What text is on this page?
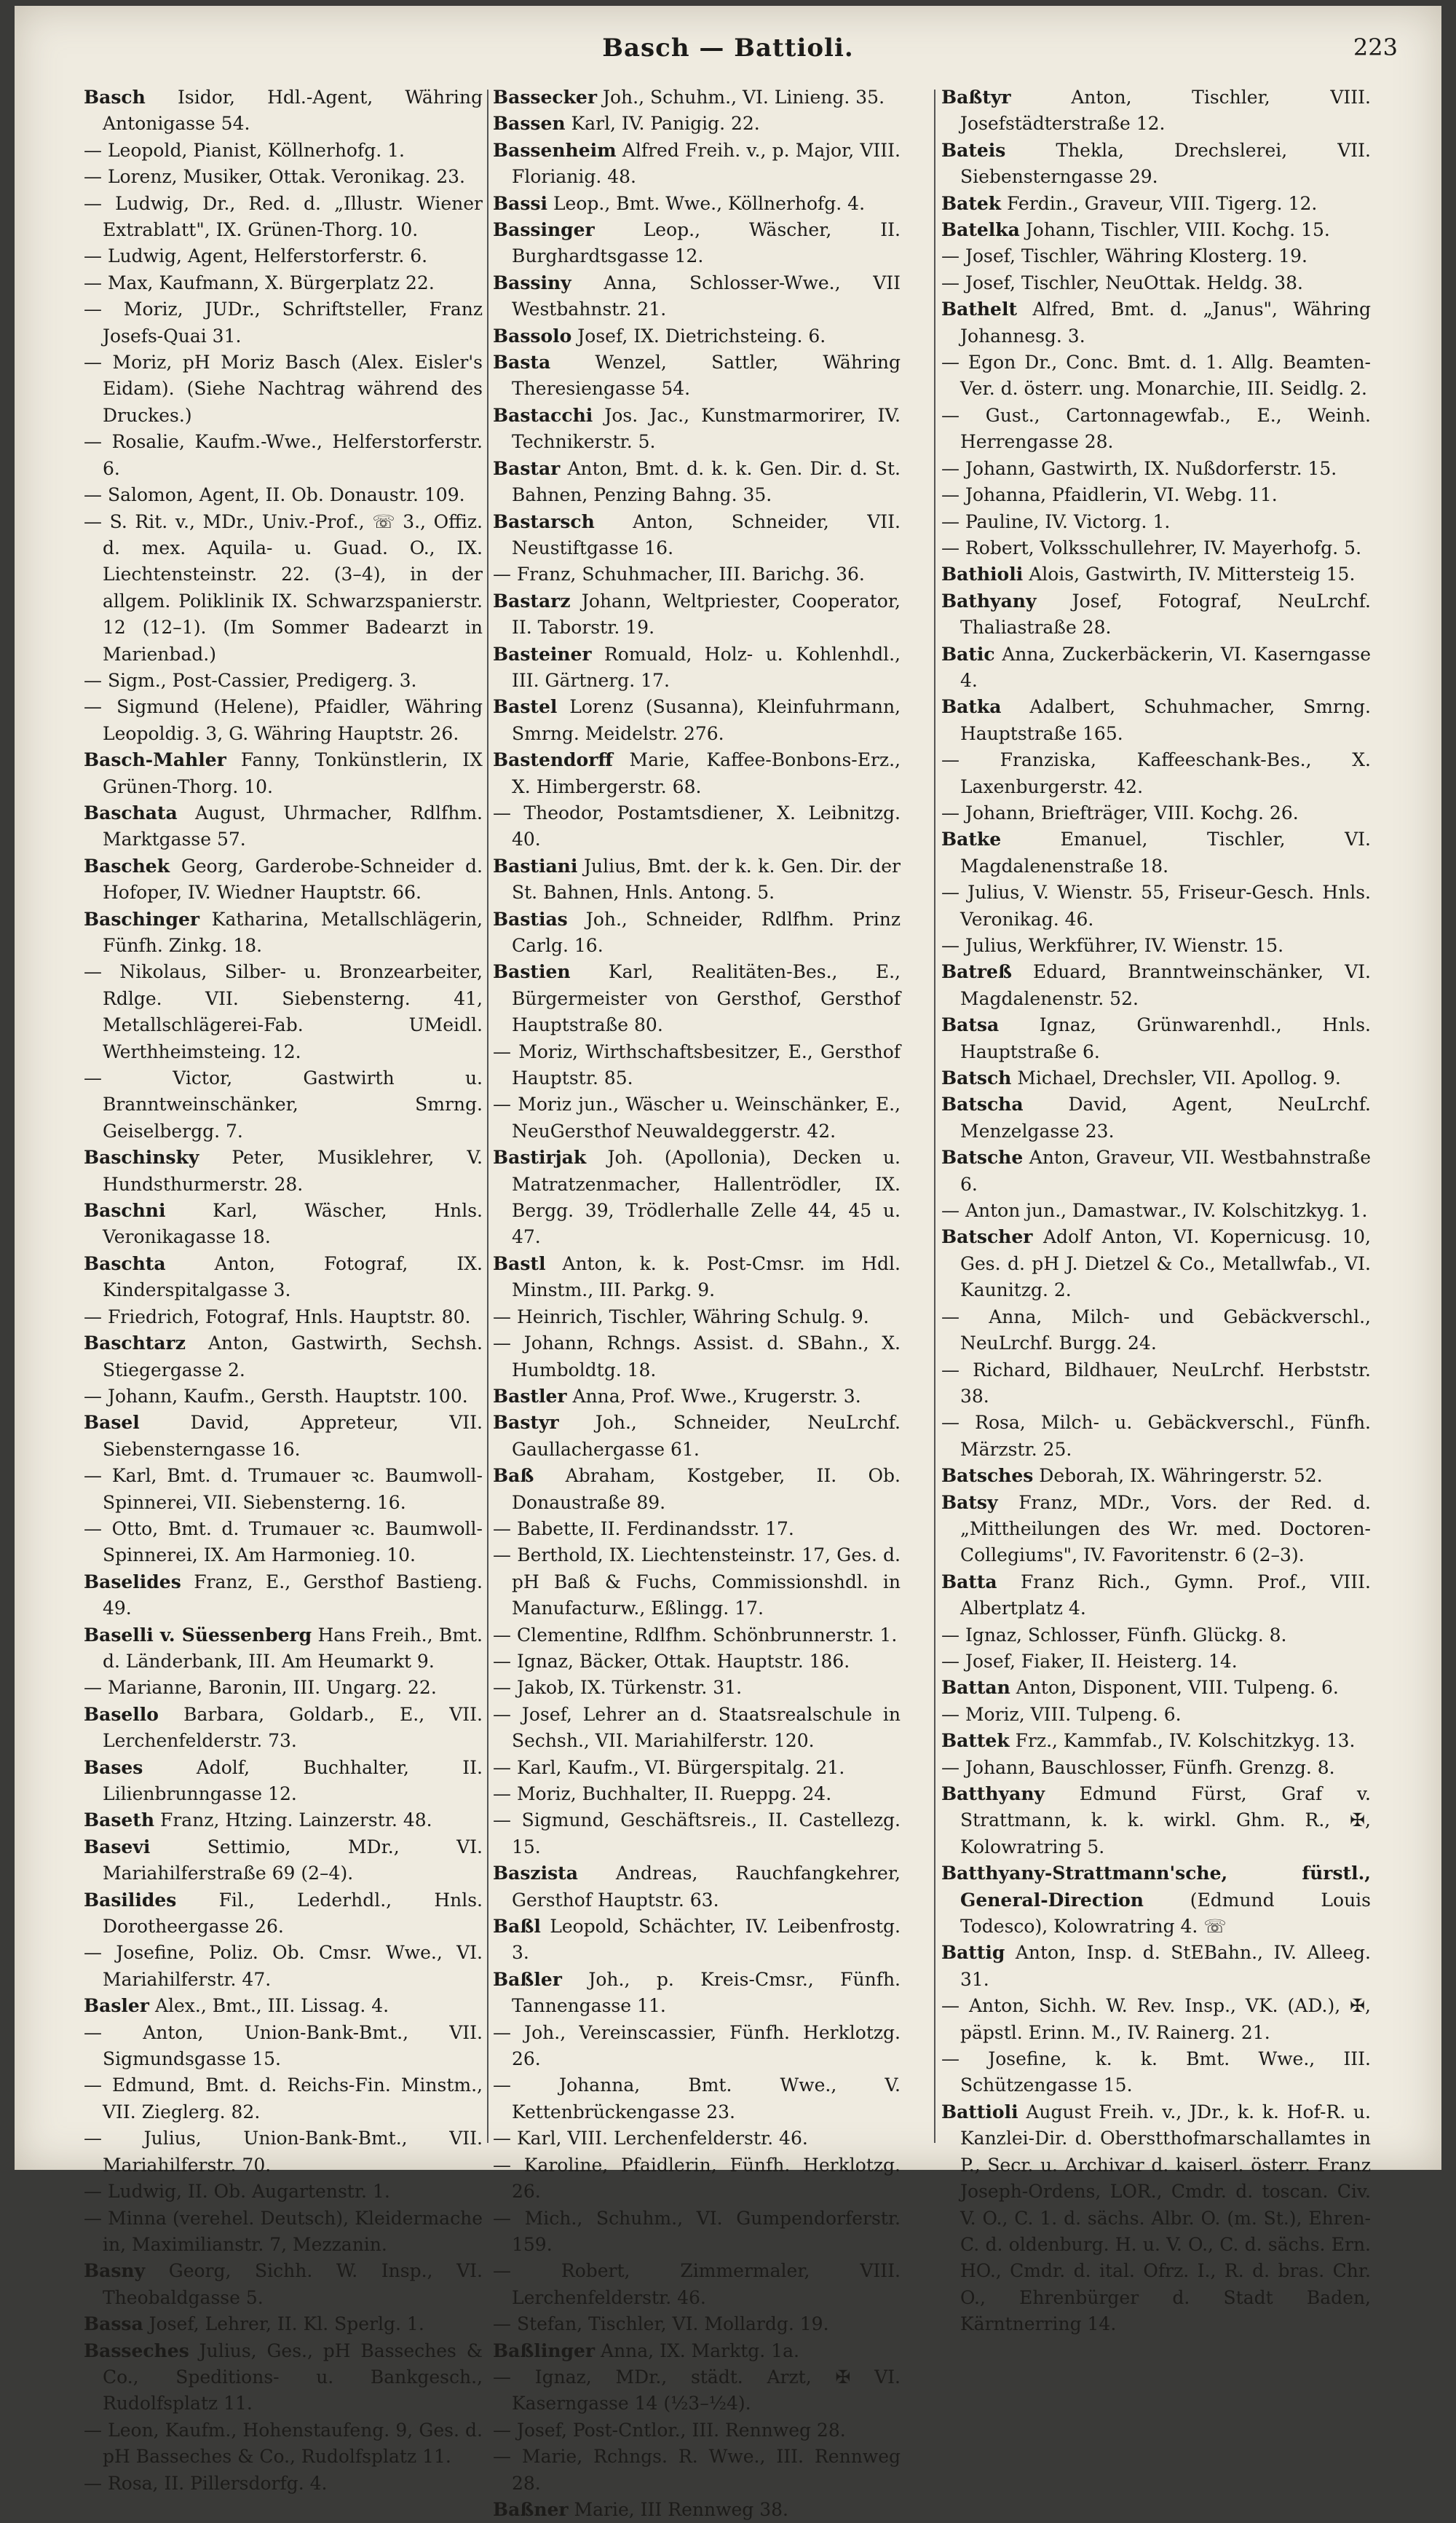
Basch — Battioli.	223
Basch Isidor, Hdl.-Agent, Währing Antonigasse 54.
— Leopold, Pianist, Köllnerhofg. 1.
— Lorenz, Musiker, Ottak. Veronikag. 23.
— Ludwig, Dr., Red. d. „Illustr. Wiener Extrablatt", IX. Grünen-Thorg. 10.
— Ludwig, Agent, Helferstorferstr. 6.
— Max, Kaufmann, X. Bürgerplatz 22.
— Moriz, JUDr., Schriftsteller, Franz Josefs-Quai 31.
— Moriz, pH Moriz Basch (Alex. Eisler's Eidam). (Siehe Nachtrag während des Druckes.)
— Rosalie, Kaufm.-Wwe., Helferstorferstr. 6.
— Salomon, Agent, II. Ob. Donaustr. 109.
— S. Rit. v., MDr., Univ.-Prof., ☏ 3., Offiz. d. mex. Aquila- u. Guad. O., IX. Liechtensteinstr. 22. (3–4), in der allgem. Poliklinik IX. Schwarzspanierstr. 12 (12–1). (Im Sommer Badearzt in Marienbad.)
— Sigm., Post-Cassier, Predigerg. 3.
— Sigmund (Helene), Pfaidler, Währing Leopoldig. 3, G. Währing Hauptstr. 26.
Basch-Mahler Fanny, Tonkünstlerin, IX Grünen-Thorg. 10.
Baschata August, Uhrmacher, Rdlfhm. Marktgasse 57.
Baschek Georg, Garderobe-Schneider d. Hofoper, IV. Wiedner Hauptstr. 66.
Baschinger Katharina, Metallschlägerin, Fünfh. Zinkg. 18.
— Nikolaus, Silber- u. Bronzearbeiter, Rdlge. VII. Siebensterng. 41, Metallschlägerei-Fab. UMeidl. Werthheimsteing. 12.
— Victor, Gastwirth u. Branntweinschänker, Smrng. Geiselbergg. 7.
Baschinsky Peter, Musiklehrer, V. Hundsthurmerstr. 28.
Baschni	Karl, Wäscher, Hnls. Veronikagasse 18.
Baschta	Anton, Fotograf, IX. Kinderspitalgasse 3.
— Friedrich, Fotograf, Hnls. Hauptstr. 80.
Baschtarz Anton, Gastwirth, Sechsh. Stiegergasse 2.
— Johann, Kaufm., Gersth. Hauptstr. 100.
Basel	David, Appreteur, VII. Siebensterngasse 16.
— Karl, Bmt. d. Trumauer ꝛc. Baumwoll-Spinnerei, VII. Siebensterng. 16.
— Otto, Bmt. d. Trumauer ꝛc. Baumwoll-Spinnerei, IX. Am Harmonieg. 10.
Baselides Franz, E., Gersthof Bastieng. 49.
Baselli v. Süessenberg Hans Freih., Bmt. d. Länderbank, III. Am Heumarkt 9.
— Marianne, Baronin, III. Ungarg. 22.
Basello Barbara, Goldarb., E., VII. Lerchenfelderstr. 73.
Bases	Adolf, Buchhalter, II. Lilienbrunngasse 12.
Baseth Franz, Htzing. Lainzerstr. 48.
Basevi	Settimio, MDr., VI. Mariahilferstraße 69 (2–4).
Basilides Fil., Lederhdl., Hnls. Dorotheergasse 26.
— Josefine, Poliz. Ob. Cmsr. Wwe., VI. Mariahilferstr. 47.
Basler Alex., Bmt., III. Lissag. 4.
— Anton, Union-Bank-Bmt., VII. Sigmundsgasse 15.
— Edmund, Bmt. d. Reichs-Fin. Minstm., VII. Zieglerg. 82.
— Julius, Union-Bank-Bmt., VII. Mariahilferstr. 70.
— Ludwig, II. Ob. Augartenstr. 1.
— Minna (verehel. Deutsch), Kleidermache in, Maximilianstr. 7, Mezzanin.
Basny Georg, Sichh. W. Insp., VI. Theobaldgasse 5.
Bassa Josef, Lehrer, II. Kl. Sperlg. 1.
Basseches Julius, Ges., pH Basseches & Co., Speditions- u. Bankgesch., Rudolfsplatz 11.
— Leon, Kaufm., Hohenstaufeng. 9, Ges. d. pH Basseches & Co., Rudolfsplatz 11.
— Rosa, II. Pillersdorfg. 4.
Bassecker Joh., Schuhm., VI. Linieng. 35.
Bassen Karl, IV. Panigig. 22.
Bassenheim Alfred Freih. v., p. Major, VIII. Florianig. 48.
Bassi Leop., Bmt. Wwe., Köllnerhofg. 4.
Bassinger	Leop., Wäscher, II. Burghardtsgasse 12.
Bassiny Anna, Schlosser-Wwe., VII Westbahnstr. 21.
Bassolo Josef, IX. Dietrichsteing. 6.
Basta Wenzel, Sattler, Währing Theresiengasse 54.
Bastacchi Jos. Jac., Kunstmarmorirer, IV. Technikerstr. 5.
Bastar Anton, Bmt. d. k. k. Gen. Dir. d. St. Bahnen, Penzing Bahng. 35.
Bastarsch Anton, Schneider, VII. Neustiftgasse 16.
— Franz, Schuhmacher, III. Barichg. 36.
Bastarz Johann, Weltpriester, Cooperator, II. Taborstr. 19.
Basteiner Romuald, Holz- u. Kohlenhdl., III. Gärtnerg. 17.
Bastel Lorenz (Susanna), Kleinfuhrmann, Smrng. Meidelstr. 276.
Bastendorff Marie, Kaffee-Bonbons-Erz., X. Himbergerstr. 68.
— Theodor, Postamtsdiener, X. Leibnitzg. 40.
Bastiani Julius, Bmt. der k. k. Gen. Dir. der St. Bahnen, Hnls. Antong. 5.
Bastias Joh., Schneider, Rdlfhm. Prinz Carlg. 16.
Bastien Karl, Realitäten-Bes., E., Bürgermeister von Gersthof, Gersthof Hauptstraße 80.
— Moriz, Wirthschaftsbesitzer, E., Gersthof Hauptstr. 85.
— Moriz jun., Wäscher u. Weinschänker, E., NeuGersthof Neuwaldeggerstr. 42.
Bastirjak Joh. (Apollonia), Decken u. Matratzenmacher, Hallentrödler, IX. Bergg. 39, Trödlerhalle Zelle 44, 45 u. 47.
Bastl Anton, k. k. Post-Cmsr. im Hdl. Minstm., III. Parkg. 9.
— Heinrich, Tischler, Währing Schulg. 9.
— Johann, Rchngs. Assist. d. SBahn., X. Humboldtg. 18.
Bastler Anna, Prof. Wwe., Krugerstr. 3.
Bastyr Joh., Schneider, NeuLrchf. Gaullachergasse 61.
Baß Abraham, Kostgeber, II. Ob. Donaustraße 89.
— Babette, II. Ferdinandsstr. 17.
— Berthold, IX. Liechtensteinstr. 17, Ges. d. pH Baß & Fuchs, Commissionshdl. in Manufacturw., Eßlingg. 17.
— Clementine, Rdlfhm. Schönbrunnerstr. 1.
— Ignaz, Bäcker, Ottak. Hauptstr. 186.
— Jakob, IX. Türkenstr. 31.
— Josef, Lehrer an d. Staatsrealschule in Sechsh., VII. Mariahilferstr. 120.
— Karl, Kaufm., VI. Bürgerspitalg. 21.
— Moriz, Buchhalter, II. Rueppg. 24.
— Sigmund, Geschäftsreis., II. Castellezg. 15.
Baszista Andreas, Rauchfangkehrer, Gersthof Hauptstr. 63.
Baßl Leopold, Schächter, IV. Leibenfrostg. 3.
Baßler Joh., p. Kreis-Cmsr., Fünfh. Tannengasse 11.
— Joh., Vereinscassier, Fünfh. Herklotzg. 26.
— Johanna, Bmt. Wwe., V. Kettenbrückengasse 23.
— Karl, VIII. Lerchenfelderstr. 46.
— Karoline, Pfaidlerin, Fünfh. Herklotzg. 26.
— Mich., Schuhm., VI. Gumpendorferstr. 159.
— Robert, Zimmermaler, VIII. Lerchenfelderstr. 46.
— Stefan, Tischler, VI. Mollardg. 19.
Baßlinger Anna, IX. Marktg. 1a.
— Ignaz, MDr., städt. Arzt, ✠ VI. Kaserngasse 14 (½3–½4).
— Josef, Post-Cntlor., III. Rennweg 28.
— Marie, Rchngs. R. Wwe., III. Rennweg 28.
Baßner Marie, III Rennweg 38.
Baßtyr	Anton, Tischler, VIII. Josefstädterstraße 12.
Bateis	Thekla, Drechslerei, VII. Siebensterngasse 29.
Batek Ferdin., Graveur, VIII. Tigerg. 12.
Batelka Johann, Tischler, VIII. Kochg. 15.
— Josef, Tischler, Währing Klosterg. 19.
— Josef, Tischler, NeuOttak. Heldg. 38.
Bathelt Alfred, Bmt. d. „Janus", Währing Johannesg. 3.
— Egon Dr., Conc. Bmt. d. 1. Allg. Beamten-Ver. d. österr. ung. Monarchie, III. Seidlg. 2.
— Gust., Cartonnagewfab., E., Weinh. Herrengasse 28.
— Johann, Gastwirth, IX. Nußdorferstr. 15.
— Johanna, Pfaidlerin, VI. Webg. 11.
— Pauline, IV. Victorg. 1.
— Robert, Volksschullehrer, IV. Mayerhofg. 5.
Bathioli Alois, Gastwirth, IV. Mittersteig 15.
Bathyany Josef, Fotograf, NeuLrchf. Thaliastraße 28.
Batic Anna, Zuckerbäckerin, VI. Kaserngasse 4.
Batka Adalbert, Schuhmacher, Smrng. Hauptstraße 165.
— Franziska, Kaffeeschank-Bes., X. Laxenburgerstr. 42.
— Johann, Briefträger, VIII. Kochg. 26.
Batke	Emanuel, Tischler, VI. Magdalenenstraße 18.
— Julius, V. Wienstr. 55, Friseur-Gesch. Hnls. Veronikag. 46.
— Julius, Werkführer, IV. Wienstr. 15.
Batreß Eduard, Branntweinschänker, VI. Magdalenenstr. 52.
Batsa Ignaz, Grünwarenhdl., Hnls. Hauptstraße 6.
Batsch Michael, Drechsler, VII. Apollog. 9.
Batscha David, Agent, NeuLrchf. Menzelgasse 23.
Batsche Anton, Graveur, VII. Westbahnstraße 6.
— Anton jun., Damastwar., IV. Kolschitzkyg. 1.
Batscher Adolf Anton, VI. Kopernicusg. 10, Ges. d. pH J. Dietzel & Co., Metallwfab., VI. Kaunitzg. 2.
— Anna, Milch- und Gebäckverschl., NeuLrchf. Burgg. 24.
— Richard, Bildhauer, NeuLrchf. Herbststr. 38.
— Rosa, Milch- u. Gebäckverschl., Fünfh. Märzstr. 25.
Batsches Deborah, IX. Währingerstr. 52.
Batsy Franz, MDr., Vors. der Red. d. „Mittheilungen des Wr. med. Doctoren-Collegiums", IV. Favoritenstr. 6 (2–3).
Batta Franz Rich., Gymn. Prof., VIII. Albertplatz 4.
— Ignaz, Schlosser, Fünfh. Glückg. 8.
— Josef, Fiaker, II. Heisterg. 14.
Battan Anton, Disponent, VIII. Tulpeng. 6.
— Moriz, VIII. Tulpeng. 6.
Battek Frz., Kammfab., IV. Kolschitzkyg. 13.
— Johann, Bauschlosser, Fünfh. Grenzg. 8.
Batthyany Edmund Fürst, Graf v. Strattmann, k. k. wirkl. Ghm. R., ✠, Kolowratring 5.
Batthyany-Strattmann'sche, fürstl., General-Direction	(Edmund Louis Todesco), Kolowratring 4. ☏
Battig Anton, Insp. d. StEBahn., IV. Alleeg. 31.
— Anton, Sichh. W. Rev. Insp., VK. (AD.), ✠, päpstl. Erinn. M., IV. Rainerg. 21.
— Josefine, k. k. Bmt. Wwe., III. Schützengasse 15.
Battioli August Freih. v., JDr., k. k. Hof-R. u. Kanzlei-Dir. d. Oberstthofmarschallamtes in P., Secr. u. Archivar d. kaiserl. österr. Franz Joseph-Ordens, LOR., Cmdr. d. toscan. Civ. V. O., C. 1. d. sächs. Albr. O. (m. St.), Ehren-C. d. oldenburg. H. u. V. O., C. d. sächs. Ern. HO., Cmdr. d. ital. Ofrz. I., R. d. bras. Chr. O., Ehrenbürger d. Stadt Baden, Kärntnerring 14.
